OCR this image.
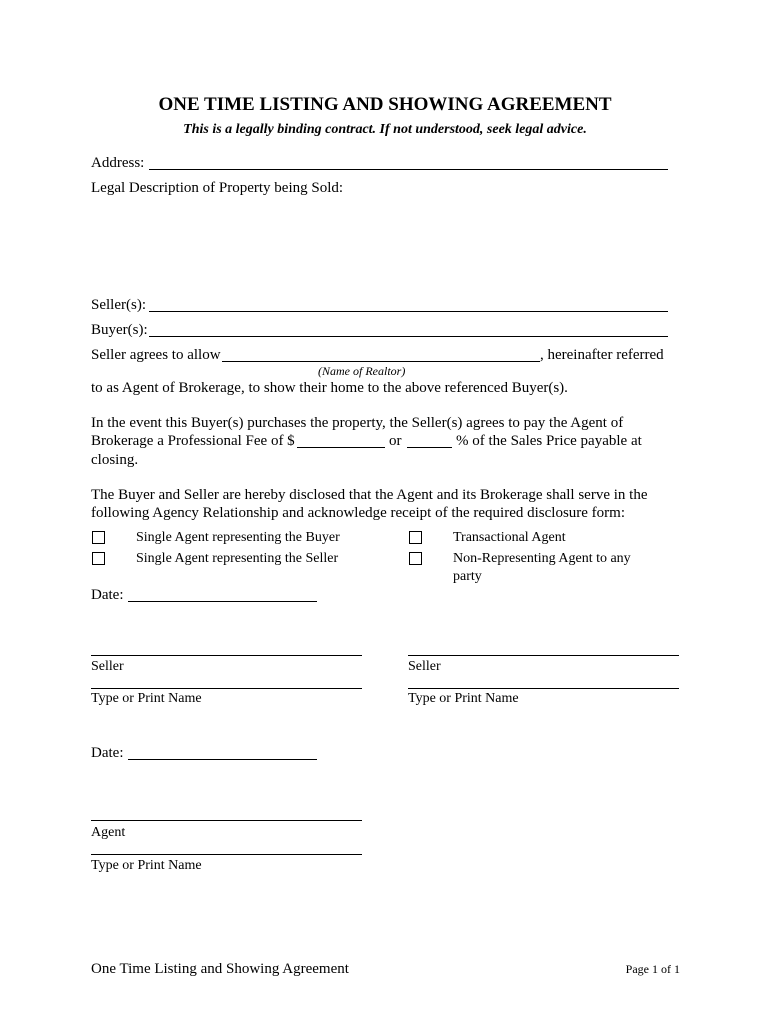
ONE TIME LISTING AND SHOWING AGREEMENT
This is a legally binding contract. If not understood, seek legal advice.
Address:
Legal Description of Property being Sold:
Seller(s):
Buyer(s):
Seller agrees to allow	, hereinafter referred
(Name of Realtor)
to as Agent of Brokerage, to show their home to the above referenced Buyer(s).
In the event this Buyer(s) purchases the property, the Seller(s) agrees to pay the Agent of
Brokerage a Professional Fee of $	or	% of the Sales Price payable at
closing.
The Buyer and Seller are hereby disclosed that the Agent and its Brokerage shall serve in the
following Agency Relationship and acknowledge receipt of the required disclosure form:
Single Agent representing the Buyer
Single Agent representing the Seller
Transactional Agent
Non-Representing Agent to any
party
Date:
Seller	Seller
Type or Print Name	Type or Print Name
Date:
Agent
Type or Print Name
One Time Listing and Showing Agreement	Page 1 of 1
